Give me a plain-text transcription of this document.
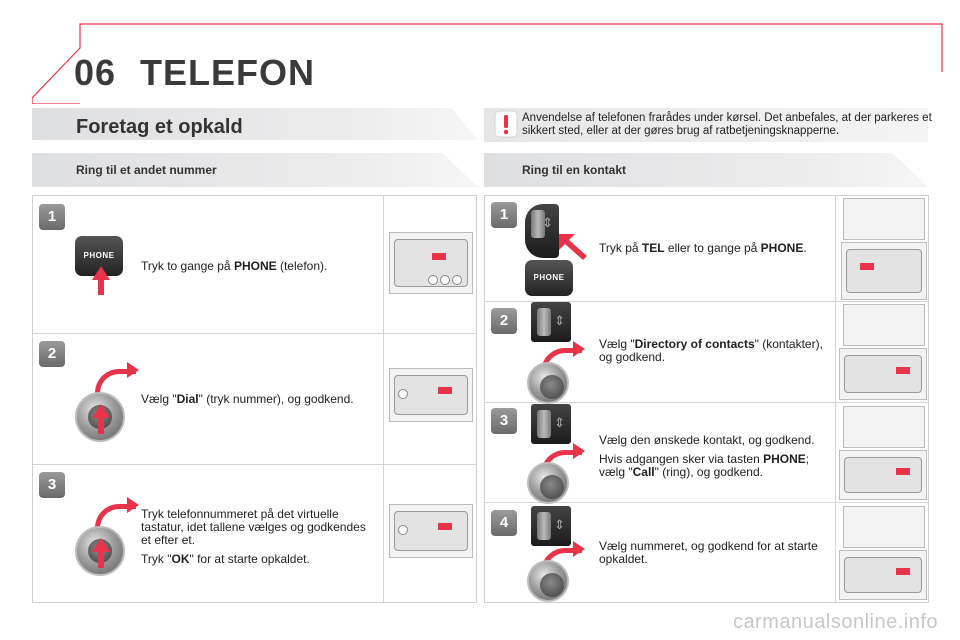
06 TELEFON
Foretag et opkald	Anvendelse af telefonen frarådes under kørsel. Det anbefales, at der parkeres et sikkert sted, eller at der gøres brug af ratbetjeningsknapperne.
Ring til et andet nummer	Ring til en kontakt
1
PHONE
Tryk to gange på PHONE (telefon).
2
Vælg "Dial" (tryk nummer), og godkend.
3

Tryk telefonnummeret på det virtuelle tastatur, idet tallene vælges og godkendes et efter et.

Tryk "OK" for at starte opkaldet.

1
⇕
PHONE
Tryk på TEL eller to gange på PHONE.
2
⇕
Vælg "Directory of contacts" (kontakter), og godkend.
3
⇕

Vælg den ønskede kontakt, og godkend.

Hvis adgangen sker via tasten PHONE; vælg "Call" (ring), og godkend.

4
⇕
Vælg nummeret, og godkend for at starte opkaldet.
carmanualsonline.info
